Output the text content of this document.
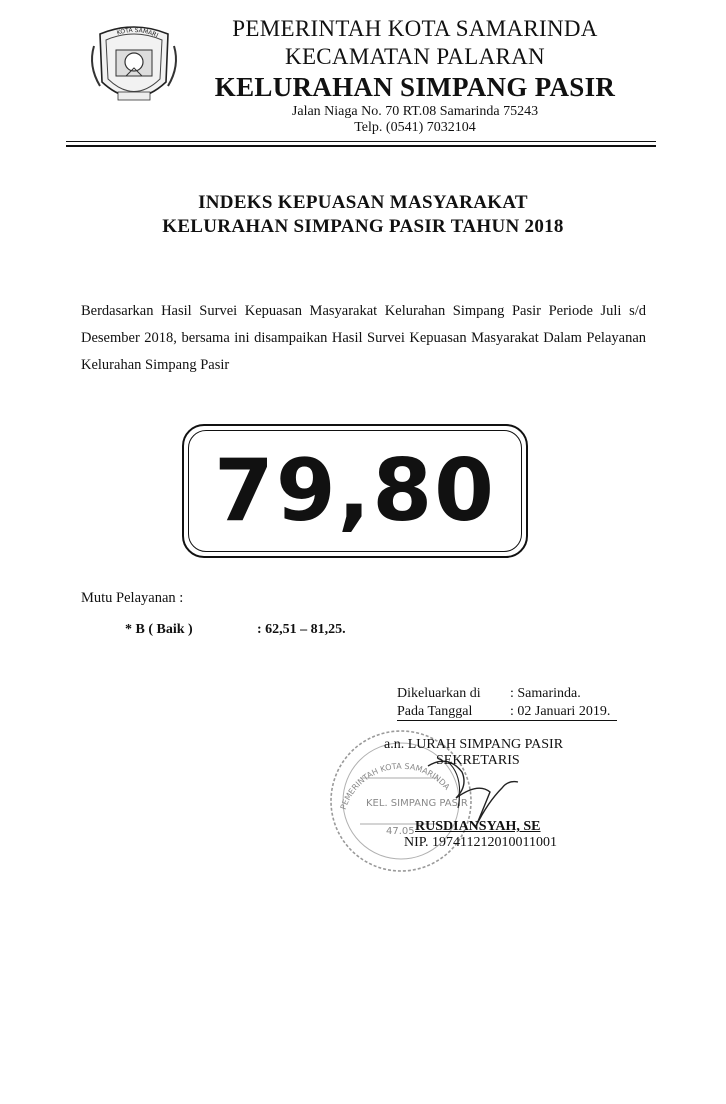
KOTA SAMARI	PEMERINTAH KOTA SAMARINDA
KECAMATAN PALARAN
KELURAHAN SIMPANG PASIR
Jalan Niaga No. 70 RT.08 Samarinda 75243
Telp. (0541) 7032104
INDEKS KEPUASAN MASYARAKAT
KELURAHAN SIMPANG PASIR TAHUN 2018
Berdasarkan Hasil Survei Kepuasan Masyarakat Kelurahan Simpang Pasir Periode Juli s/d Desember 2018, bersama ini disampaikan Hasil Survei Kepuasan Masyarakat Dalam Pelayanan Kelurahan Simpang Pasir
79,80
Mutu Pelayanan :
* B ( Baik )	: 62,51 – 81,25.
Dikeluarkan di : Samarinda.
Pada Tanggal	: 02 Januari 2019.
PEMERINTAH KOTA SAMARINDA
KEL. SIMPANG PASIR
47.05
a.n. LURAH SIMPANG PASIR
SEKRETARIS
RUSDIANSYAH, SE
NIP. 197411212010011001
